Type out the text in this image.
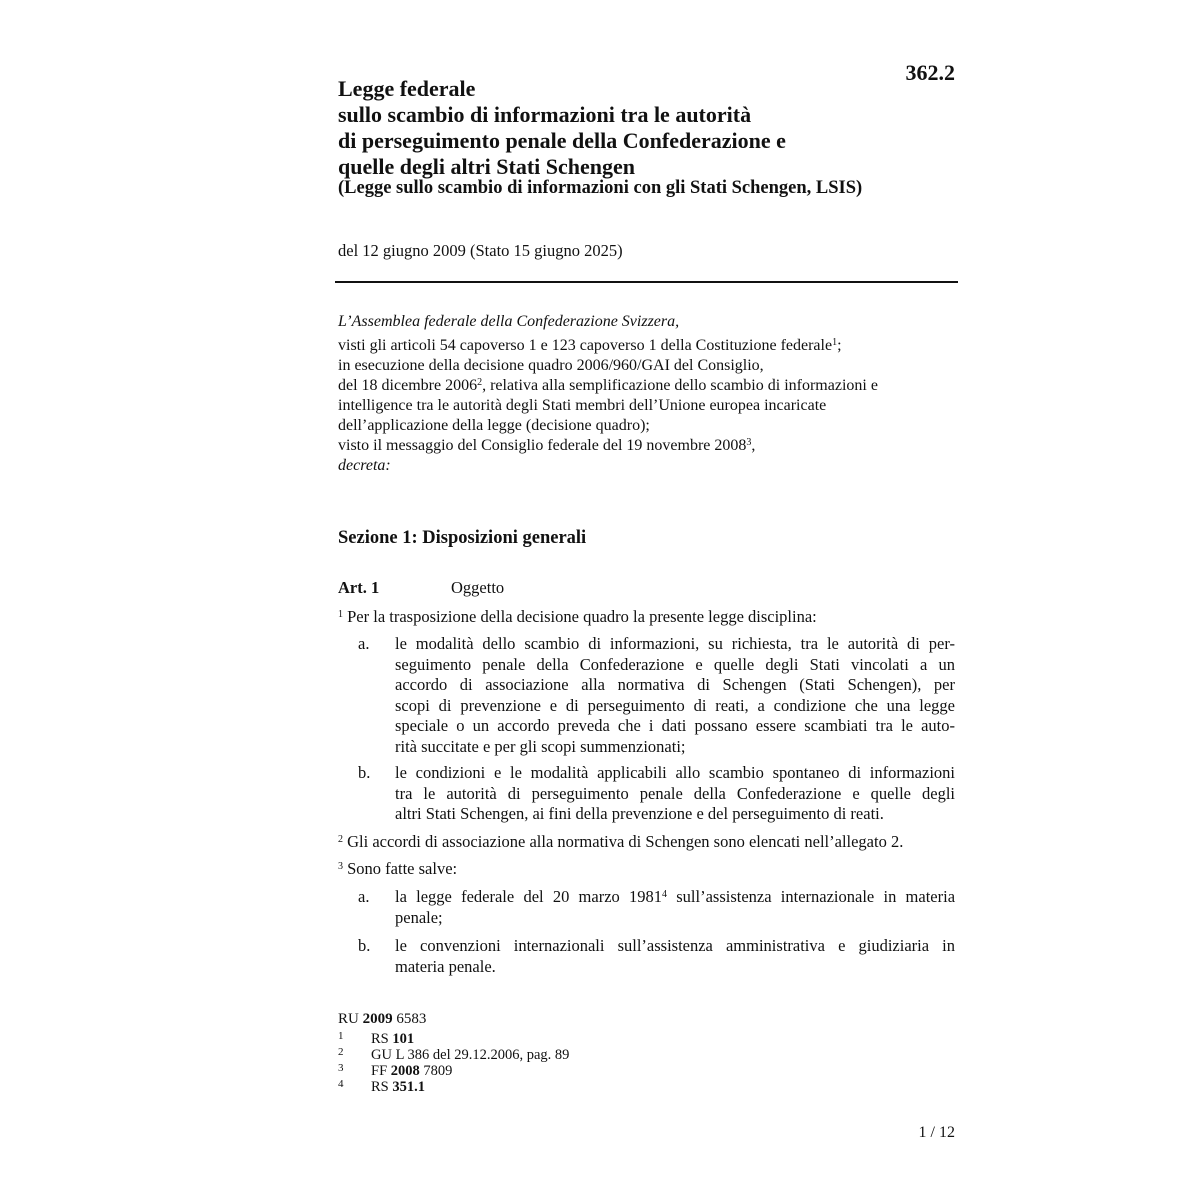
362.2
Legge federale
sullo scambio di informazioni tra le autorità
di perseguimento penale della Confederazione e
quelle degli altri Stati Schengen
(Legge sullo scambio di informazioni con gli Stati Schengen, LSIS)
del 12 giugno 2009 (Stato 15 giugno 2025)
L’Assemblea federale della Confederazione Svizzera,
visti gli articoli 54 capoverso 1 e 123 capoverso 1 della Costituzione federale$^1$;
in esecuzione della decisione quadro 2006/960/GAI del Consiglio,
del 18 dicembre 2006$^2$, relativa alla semplificazione dello scambio di informazioni e
intelligence tra le autorità degli Stati membri dell’Unione europea incaricate
dell’applicazione della legge (decisione quadro);
visto il messaggio del Consiglio federale del 19 novembre 2008$^3$,
decreta:
Sezione 1: Disposizioni generali
Art. 1	Oggetto
$^1$ Per la trasposizione della decisione quadro la presente legge disciplina:
a. le modalità dello scambio di informazioni, su richiesta, tra le autorità di per-
seguimento penale della Confederazione e quelle degli Stati vincolati a un
accordo di associazione alla normativa di Schengen (Stati Schengen), per
scopi di prevenzione e di perseguimento di reati, a condizione che una legge
speciale o un accordo preveda che i dati possano essere scambiati tra le auto-
rità succitate e per gli scopi summenzionati;
b. le condizioni e le modalità applicabili allo scambio spontaneo di informazioni
tra le autorità di perseguimento penale della Confederazione e quelle degli
altri Stati Schengen, ai fini della prevenzione e del perseguimento di reati.
$^2$ Gli accordi di associazione alla normativa di Schengen sono elencati nell’allegato 2.
$^3$ Sono fatte salve:
a. la legge federale del 20 marzo 1981$^4$ sull’assistenza internazionale in materia
penale;
b. le convenzioni internazionali sull’assistenza amministrativa e giudiziaria in
materia penale.
RU 2009 6583
1 RS 101
2 GU L 386 del 29.12.2006, pag. 89
3 FF 2008 7809
4 RS 351.1
1 / 12
